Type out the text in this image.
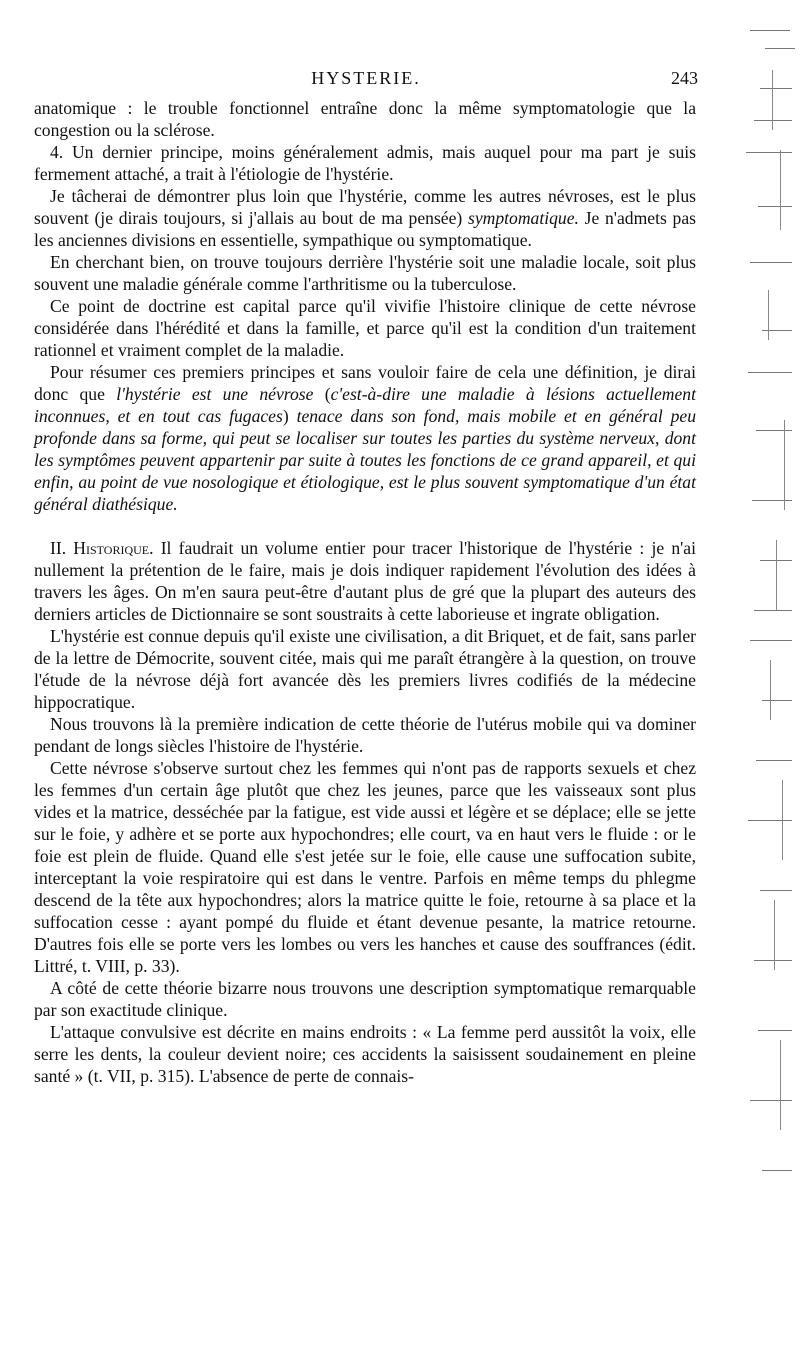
HYSTERIE.	243

anatomique : le trouble fonctionnel entraîne donc la même symptomatologie que la congestion ou la sclérose.

4. Un dernier principe, moins généralement admis, mais auquel pour ma part je suis fermement attaché, a trait à l'étiologie de l'hystérie.

Je tâcherai de démontrer plus loin que l'hystérie, comme les autres névroses, est le plus souvent (je dirais toujours, si j'allais au bout de ma pensée) symptomatique. Je n'admets pas les anciennes divisions en essentielle, sympathique ou symptomatique.

En cherchant bien, on trouve toujours derrière l'hystérie soit une maladie locale, soit plus souvent une maladie générale comme l'arthritisme ou la tuberculose.

Ce point de doctrine est capital parce qu'il vivifie l'histoire clinique de cette névrose considérée dans l'hérédité et dans la famille, et parce qu'il est la condition d'un traitement rationnel et vraiment complet de la maladie.

Pour résumer ces premiers principes et sans vouloir faire de cela une définition, je dirai donc que l'hystérie est une névrose (c'est-à-dire une maladie à lésions actuellement inconnues, et en tout cas fugaces) tenace dans son fond, mais mobile et en général peu profonde dans sa forme, qui peut se localiser sur toutes les parties du système nerveux, dont les symptômes peuvent appartenir par suite à toutes les fonctions de ce grand appareil, et qui enfin, au point de vue nosologique et étiologique, est le plus souvent symptomatique d'un état général diathésique.

II. Historique. Il faudrait un volume entier pour tracer l'historique de l'hystérie : je n'ai nullement la prétention de le faire, mais je dois indiquer rapidement l'évolution des idées à travers les âges. On m'en saura peut-être d'autant plus de gré que la plupart des auteurs des derniers articles de Dictionnaire se sont soustraits à cette laborieuse et ingrate obligation.

L'hystérie est connue depuis qu'il existe une civilisation, a dit Briquet, et de fait, sans parler de la lettre de Démocrite, souvent citée, mais qui me paraît étrangère à la question, on trouve l'étude de la névrose déjà fort avancée dès les premiers livres codifiés de la médecine hippocratique.

Nous trouvons là la première indication de cette théorie de l'utérus mobile qui va dominer pendant de longs siècles l'histoire de l'hystérie.

Cette névrose s'observe surtout chez les femmes qui n'ont pas de rapports sexuels et chez les femmes d'un certain âge plutôt que chez les jeunes, parce que les vaisseaux sont plus vides et la matrice, desséchée par la fatigue, est vide aussi et légère et se déplace; elle se jette sur le foie, y adhère et se porte aux hypochondres; elle court, va en haut vers le fluide : or le foie est plein de fluide. Quand elle s'est jetée sur le foie, elle cause une suffocation subite, interceptant la voie respiratoire qui est dans le ventre. Parfois en même temps du phlegme descend de la tête aux hypochondres; alors la matrice quitte le foie, retourne à sa place et la suffocation cesse : ayant pompé du fluide et étant devenue pesante, la matrice retourne. D'autres fois elle se porte vers les lombes ou vers les hanches et cause des souffrances (édit. Littré, t. VIII, p. 33).

A côté de cette théorie bizarre nous trouvons une description symptomatique remarquable par son exactitude clinique.

L'attaque convulsive est décrite en mains endroits : « La femme perd aussitôt la voix, elle serre les dents, la couleur devient noire; ces accidents la saisissent soudainement en pleine santé » (t. VII, p. 315). L'absence de perte de connais-
